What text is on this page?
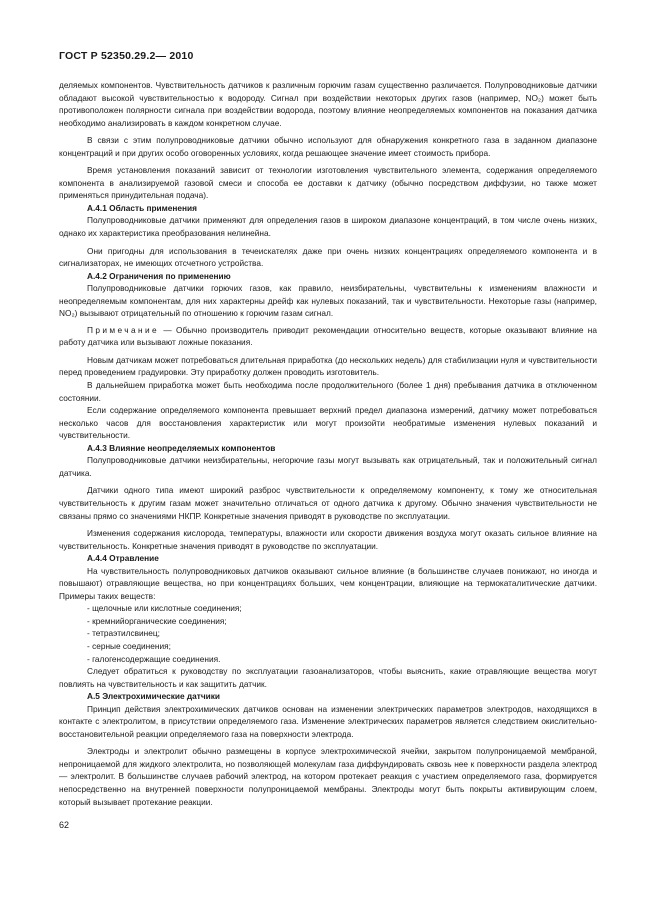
ГОСТ Р 52350.29.2— 2010

деляемых компонентов. Чувствительность датчиков к различным горючим газам существенно различается. Полупроводниковые датчики обладают высокой чувствительностью к водороду. Сигнал при воздействии некоторых других газов (например, NO₂) может быть противоположен полярности сигнала при воздействии водорода, поэтому влияние неопределяемых компонентов на показания датчика необходимо анализировать в каждом конкретном случае.

В связи с этим полупроводниковые датчики обычно используют для обнаружения конкретного газа в заданном диапазоне концентраций и при других особо оговоренных условиях, когда решающее значение имеет стоимость прибора.

Время установления показаний зависит от технологии изготовления чувствительного элемента, содержания определяемого компонента в анализируемой газовой смеси и способа ее доставки к датчику (обычно посредством диффузии, но также может применяться принудительная подача).

А.4.1 Область применения

Полупроводниковые датчики применяют для определения газов в широком диапазоне концентраций, в том числе очень низких, однако их характеристика преобразования нелинейна.

Они пригодны для использования в течеискателях даже при очень низких концентрациях определяемого компонента и в сигнализаторах, не имеющих отсчетного устройства.

А.4.2 Ограничения по применению

Полупроводниковые датчики горючих газов, как правило, неизбирательны, чувствительны к изменениям влажности и неопределяемым компонентам, для них характерны дрейф как нулевых показаний, так и чувствительности. Некоторые газы (например, NO₂) вызывают отрицательный по отношению к горючим газам сигнал.

Примечание — Обычно производитель приводит рекомендации относительно веществ, которые оказывают влияние на работу датчика или вызывают ложные показания.

Новым датчикам может потребоваться длительная приработка (до нескольких недель) для стабилизации нуля и чувствительности перед проведением градуировки. Эту приработку должен проводить изготовитель.

В дальнейшем приработка может быть необходима после продолжительного (более 1 дня) пребывания датчика в отключенном состоянии.

Если содержание определяемого компонента превышает верхний предел диапазона измерений, датчику может потребоваться несколько часов для восстановления характеристик или могут произойти необратимые изменения нулевых показаний и чувствительности.

А.4.3 Влияние неопределяемых компонентов

Полупроводниковые датчики неизбирательны, негорючие газы могут вызывать как отрицательный, так и положительный сигнал датчика.

Датчики одного типа имеют широкий разброс чувствительности к определяемому компоненту, к тому же относительная чувствительность к другим газам может значительно отличаться от одного датчика к другому. Обычно значения чувствительности не связаны прямо со значениями НКПР. Конкретные значения приводят в руководстве по эксплуатации.

Изменения содержания кислорода, температуры, влажности или скорости движения воздуха могут оказать сильное влияние на чувствительность. Конкретные значения приводят в руководстве по эксплуатации.

А.4.4 Отравление

На чувствительность полупроводниковых датчиков оказывают сильное влияние (в большинстве случаев понижают, но иногда и повышают) отравляющие вещества, но при концентрациях больших, чем концентрации, влияющие на термокаталитические датчики. Примеры таких веществ:

- щелочные или кислотные соединения;

- кремнийорганические соединения;

- тетраэтилсвинец;

- серные соединения;

- галогенсодержащие соединения.

Следует обратиться к руководству по эксплуатации газоанализаторов, чтобы выяснить, какие отравляющие вещества могут повлиять на чувствительность и как защитить датчик.

А.5 Электрохимические датчики

Принцип действия электрохимических датчиков основан на изменении электрических параметров электродов, находящихся в контакте с электролитом, в присутствии определяемого газа. Изменение электрических параметров является следствием окислительно-восстановительной реакции определяемого газа на поверхности электрода.

Электроды и электролит обычно размещены в корпусе электрохимической ячейки, закрытом полупроницаемой мембраной, непроницаемой для жидкого электролита, но позволяющей молекулам газа диффундировать сквозь нее к поверхности раздела электрод — электролит. В большинстве случаев рабочий электрод, на котором протекает реакция с участием определяемого газа, формируется непосредственно на внутренней поверхности полупроницаемой мембраны. Электроды могут быть покрыты активирующим слоем, который вызывает протекание реакции.

62
